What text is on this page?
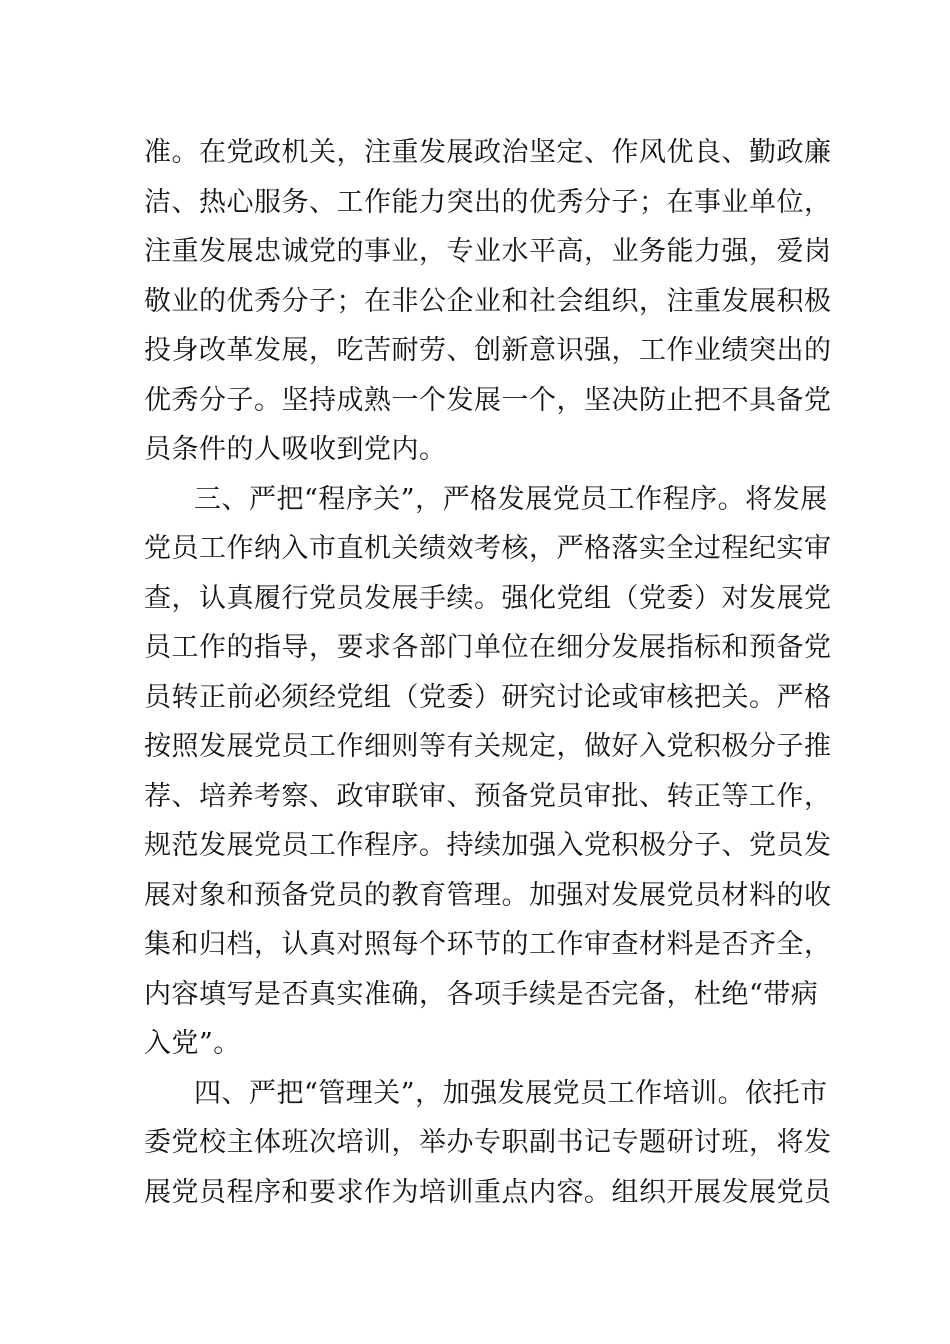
准。在党政机关，注重发展政治坚定、作风优良、勤政廉
洁、热心服务、工作能力突出的优秀分子；在事业单位，
注重发展忠诚党的事业，专业水平高，业务能力强，爱岗
敬业的优秀分子；在非公企业和社会组织，注重发展积极
投身改革发展，吃苦耐劳、创新意识强，工作业绩突出的
优秀分子。坚持成熟一个发展一个，坚决防止把不具备党
员条件的人吸收到党内。
三、严把“程序关”，严格发展党员工作程序。将发展
党员工作纳入市直机关绩效考核，严格落实全过程纪实审
查，认真履行党员发展手续。强化党组（党委）对发展党
员工作的指导，要求各部门单位在细分发展指标和预备党
员转正前必须经党组（党委）研究讨论或审核把关。严格
按照发展党员工作细则等有关规定，做好入党积极分子推
荐、培养考察、政审联审、预备党员审批、转正等工作，
规范发展党员工作程序。持续加强入党积极分子、党员发
展对象和预备党员的教育管理。加强对发展党员材料的收
集和归档，认真对照每个环节的工作审查材料是否齐全，
内容填写是否真实准确，各项手续是否完备，杜绝“带病
入党”。
四、严把“管理关”，加强发展党员工作培训。依托市
委党校主体班次培训，举办专职副书记专题研讨班，将发
展党员程序和要求作为培训重点内容。组织开展发展党员
